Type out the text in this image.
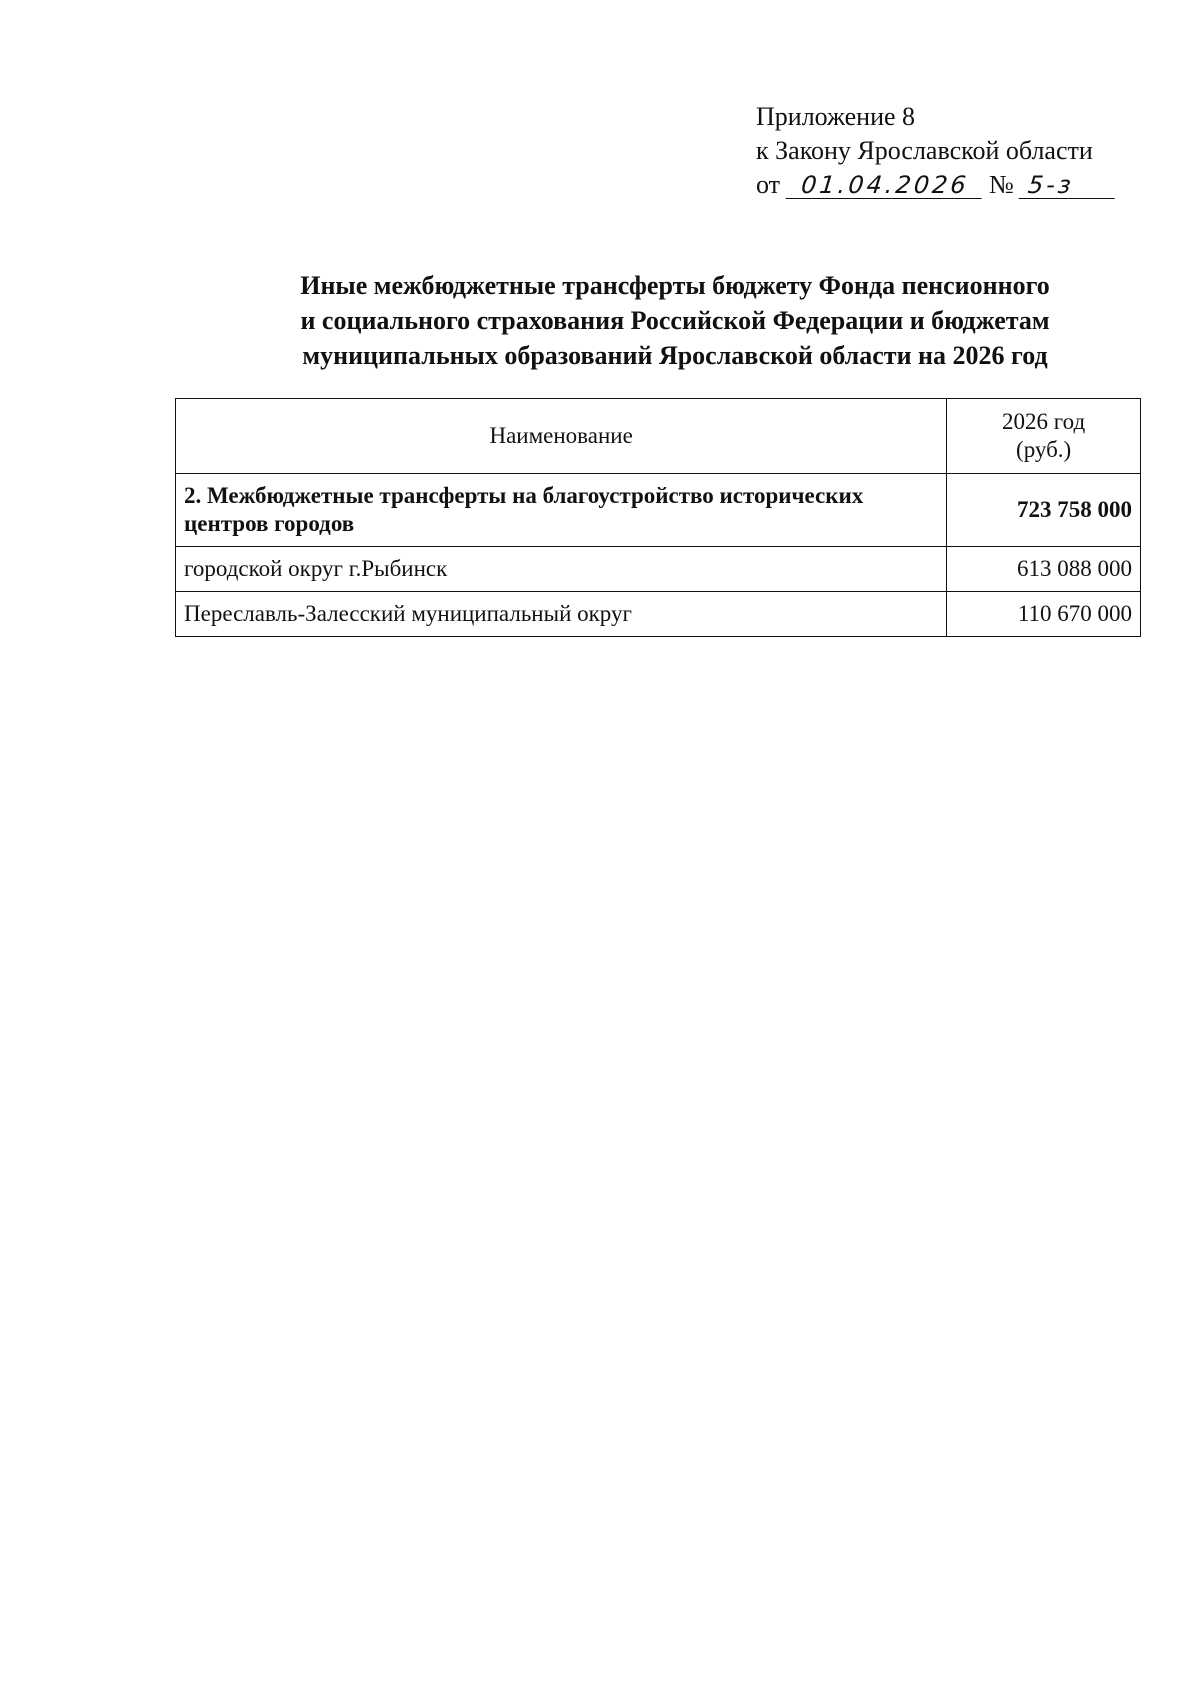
Приложение 8
к Закону Ярославской области
от 01.04.2026 № 5-з
Иные межбюджетные трансферты бюджету Фонда пенсионного
и социального страхования Российской Федерации и бюджетам
муниципальных образований Ярославской области на 2026 год
Наименование	2026 год
(руб.)
2. Межбюджетные трансферты на благоустройство исторических центров городов	723 758 000
городской округ г.Рыбинск	613 088 000
Переславль-Залесский муниципальный округ	110 670 000
